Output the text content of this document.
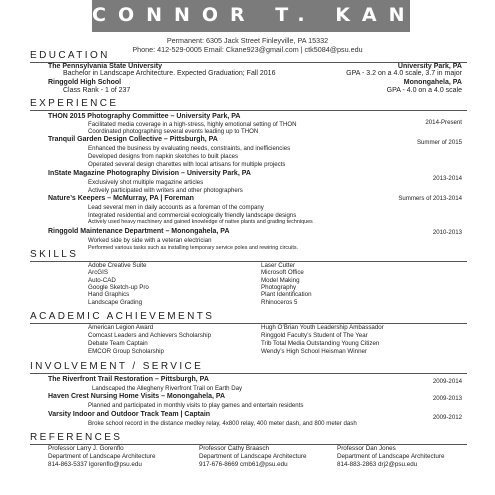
CONNOR T. KANE
Permanent: 6305 Jack Street Finleyville, PA 15332
Phone: 412-529-0005 Email: Ckane923@gmail.com | ctk5084@psu.edu
EDUCATION
The Pennsylvania State University	University Park, PA
Bachelor in Landscape Architecture. Expected Graduation; Fall 2016	GPA - 3.2 on a 4.0 scale, 3.7 in major
Ringgold High School	Monongahela, PA
Class Rank - 1 of 237	GPA - 4.0 on a 4.0 scale
EXPERIENCE
THON 2015 Photography Committee – University Park, PA
2014-Present
Facilitated media coverage in a high-stress, highly emotional setting of THON
Coordinated photographing several events leading up to THON
Tranquil Garden Design Collective – Pittsburgh, PA	Summer of 2015
Enhanced the business by evaluating needs, constraints, and inefficiencies
Developed designs from napkin sketches to built places
Operated several design charettes with local artisans for multiple projects
InState Magazine Photography Division – University Park, PA
2013-2014
Exclusively shot multiple magazine articles
Actively participated with writers and other photographers
Nature’s Keepers – McMurray, PA | Foreman	Summers of 2013-2014
Lead several men in daily accounts as a foreman of the company
Integrated residential and commercial ecologically friendly landscape designs
Actively used heavy machinery and gained knowledge of native plants and grading techniques
Ringgold Maintenance Department – Monongahela, PA	2010-2013
Worked side by side with a veteran electrician
Performed various tasks such as installing temporary service poles and rewiring circuits.
SKILLS
Adobe Creative Suite
ArcGIS
Auto-CAD
Google Sketch-up Pro
Hand Graphics
Landscape Grading
Laser Cutter
Microsoft Office
Model Making
Photography
Plant Identification
Rhinoceros 5
ACADEMIC ACHIEVEMENTS
American Legion Award
Comcast Leaders and Achievers Scholarship
Debate Team Captain
EMCOR Group Scholarship
Hugh O’Brian Youth Leadership Ambassador
Ringgold Faculty’s Student of The Year
Trib Total Media Outstanding Young Citizen
Wendy’s High School Heisman Winner
INVOLVEMENT / SERVICE
The Riverfront Trail Restoration – Pittsburgh, PA	2009-2014
Landscaped the Allegheny Riverfront Trail on Earth Day
Haven Crest Nursing Home Visits – Monongahela, PA	2009-2013
Planned and participated in monthly visits to play games and entertain residents
Varsity Indoor and Outdoor Track Team | Captain	2009-2012
Broke school record in the distance medley relay, 4x800 relay, 400 meter dash, and 800 meter dash
REFERENCES
Professor Larry J. Gorenflo
Department of Landscape Architecture
814-863-5337 lgorenflo@psu.edu
Professor Cathy Braasch
Department of Landscape Architecture
917-676-8669 cmb61@psu.edu
Professor Dan Jones
Department of Landscape Architecture
814-883-2863 drj2@psu.edu
